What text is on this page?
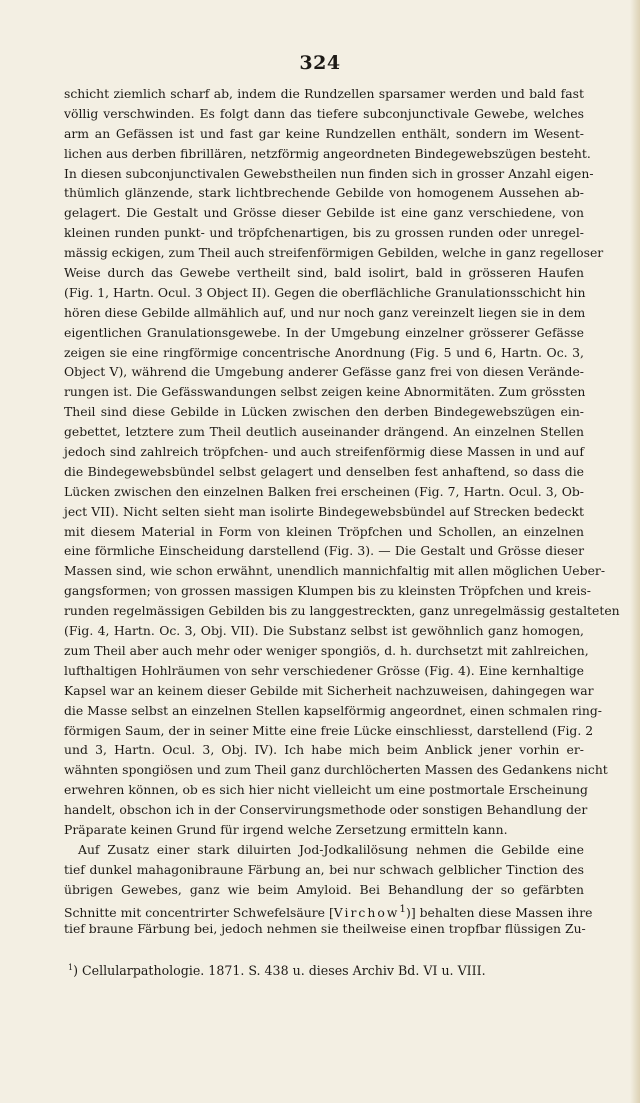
324
schicht ziemlich scharf ab, indem die Rundzellen sparsamer werden und bald fast
völlig verschwinden. Es folgt dann das tiefere subconjunctivale Gewebe, welches
arm an Gefässen ist und fast gar keine Rundzellen enthält, sondern im Wesent-
lichen aus derben fibrillären, netzförmig angeordneten Bindegewebszügen besteht.
In diesen subconjunctivalen Gewebstheilen nun finden sich in grosser Anzahl eigen-
thümlich glänzende, stark lichtbrechende Gebilde von homogenem Aussehen ab-
gelagert. Die Gestalt und Grösse dieser Gebilde ist eine ganz verschiedene, von
kleinen runden punkt- und tröpfchenartigen, bis zu grossen runden oder unregel-
mässig eckigen, zum Theil auch streifenförmigen Gebilden, welche in ganz regelloser
Weise durch das Gewebe vertheilt sind, bald isolirt, bald in grösseren Haufen
(Fig. 1, Hartn. Ocul. 3 Object II). Gegen die oberflächliche Granulationsschicht hin
hören diese Gebilde allmählich auf, und nur noch ganz vereinzelt liegen sie in dem
eigentlichen Granulationsgewebe. In der Umgebung einzelner grösserer Gefässe
zeigen sie eine ringförmige concentrische Anordnung (Fig. 5 und 6, Hartn. Oc. 3,
Object V), während die Umgebung anderer Gefässe ganz frei von diesen Verände-
rungen ist. Die Gefässwandungen selbst zeigen keine Abnormitäten. Zum grössten
Theil sind diese Gebilde in Lücken zwischen den derben Bindegewebszügen ein-
gebettet, letztere zum Theil deutlich auseinander drängend. An einzelnen Stellen
jedoch sind zahlreich tröpfchen- und auch streifenförmig diese Massen in und auf
die Bindegewebsbündel selbst gelagert und denselben fest anhaftend, so dass die
Lücken zwischen den einzelnen Balken frei erscheinen (Fig. 7, Hartn. Ocul. 3, Ob-
ject VII). Nicht selten sieht man isolirte Bindegewebsbündel auf Strecken bedeckt
mit diesem Material in Form von kleinen Tröpfchen und Schollen, an einzelnen
eine förmliche Einscheidung darstellend (Fig. 3). — Die Gestalt und Grösse dieser
Massen sind, wie schon erwähnt, unendlich mannichfaltig mit allen möglichen Ueber-
gangsformen; von grossen massigen Klumpen bis zu kleinsten Tröpfchen und kreis-
runden regelmässigen Gebilden bis zu langgestreckten, ganz unregelmässig gestalteten
(Fig. 4, Hartn. Oc. 3, Obj. VII). Die Substanz selbst ist gewöhnlich ganz homogen,
zum Theil aber auch mehr oder weniger spongiös, d. h. durchsetzt mit zahlreichen,
lufthaltigen Hohlräumen von sehr verschiedener Grösse (Fig. 4). Eine kernhaltige
Kapsel war an keinem dieser Gebilde mit Sicherheit nachzuweisen, dahingegen war
die Masse selbst an einzelnen Stellen kapselförmig angeordnet, einen schmalen ring-
förmigen Saum, der in seiner Mitte eine freie Lücke einschliesst, darstellend (Fig. 2
und 3, Hartn. Ocul. 3, Obj. IV). Ich habe mich beim Anblick jener vorhin er-
wähnten spongiösen und zum Theil ganz durchlöcherten Massen des Gedankens nicht
erwehren können, ob es sich hier nicht vielleicht um eine postmortale Erscheinung
handelt, obschon ich in der Conservirungsmethode oder sonstigen Behandlung der
Präparate keinen Grund für irgend welche Zersetzung ermitteln kann.
Auf Zusatz einer stark diluirten Jod-Jodkalilösung nehmen die Gebilde eine
tief dunkel mahagonibraune Färbung an, bei nur schwach gelblicher Tinction des
übrigen Gewebes, ganz wie beim Amyloid. Bei Behandlung der so gefärbten
Schnitte mit concentrirter Schwefelsäure [Virchow$^1$)] behalten diese Massen ihre
tief braune Färbung bei, jedoch nehmen sie theilweise einen tropfbar flüssigen Zu-
$^1$) Cellularpathologie. 1871. S. 438 u. dieses Archiv Bd. VI u. VIII.
